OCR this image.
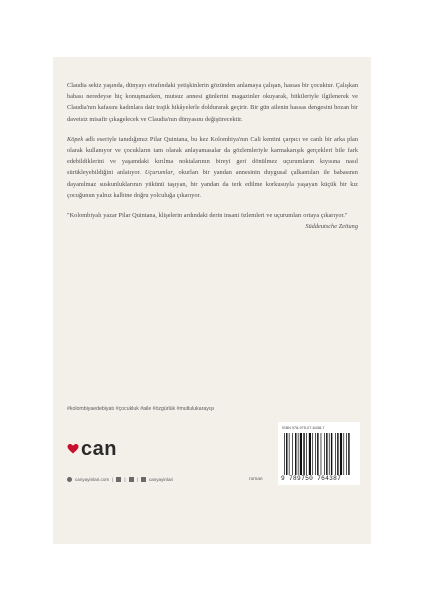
Claudia sekiz yaşında, dünyayı etrafındaki yetişkinlerin gözünden anlamaya çalışan, hassas bir çocuktur. Çalışkan babası neredeyse hiç konuşmazken, mutsuz annesi günlerini magazinler okuyarak, bitkileriyle ilgilenerek ve Claudia'nın kafasını kadınlara dair trajik hikâyelerle doldurarak geçirir. Bir gün ailenin hassas dengesini bozan bir davetsiz misafir çıkagelecek ve Claudia'nın dünyasını değiştirecektir.

Köpek adlı eseriyle tanıdığımız Pilar Quintana, bu kez Kolombiya'nın Cali kentini çarpıcı ve canlı bir arka plan olarak kullanıyor ve çocukların tam olarak anlayamasalar da gözlemleriyle karmakarışık gerçekleri bile fark edebildiklerini ve yaşamdaki kırılma noktalarının bireyi geri dönülmez uçurumların kıyısına nasıl sürükleyebildiğini anlatıyor. Uçurumlar, okurları bir yandan annesinin duygusal çalkantıları ile babasının dayanılmaz suskunluklarının yükünü taşıyan, bir yandan da terk edilme korkusuyla yaşayan küçük bir kız çocuğunun yalnız kalbine doğru yolculuğa çıkarıyor.

"Kolombiyalı yazar Pilar Quintana, klişelerin ardındaki derin insani özlemleri ve uçurumları ortaya çıkarıyor."

Süddeutsche Zeitung

#kolombiyaedebiyatı #çocukluk #aile #özgürlük #mutlulukarayışı
can
canyayinlari.com | | | canyayinlari	roman
ISBN 978-975-07-6438-7
9 789750 764387
